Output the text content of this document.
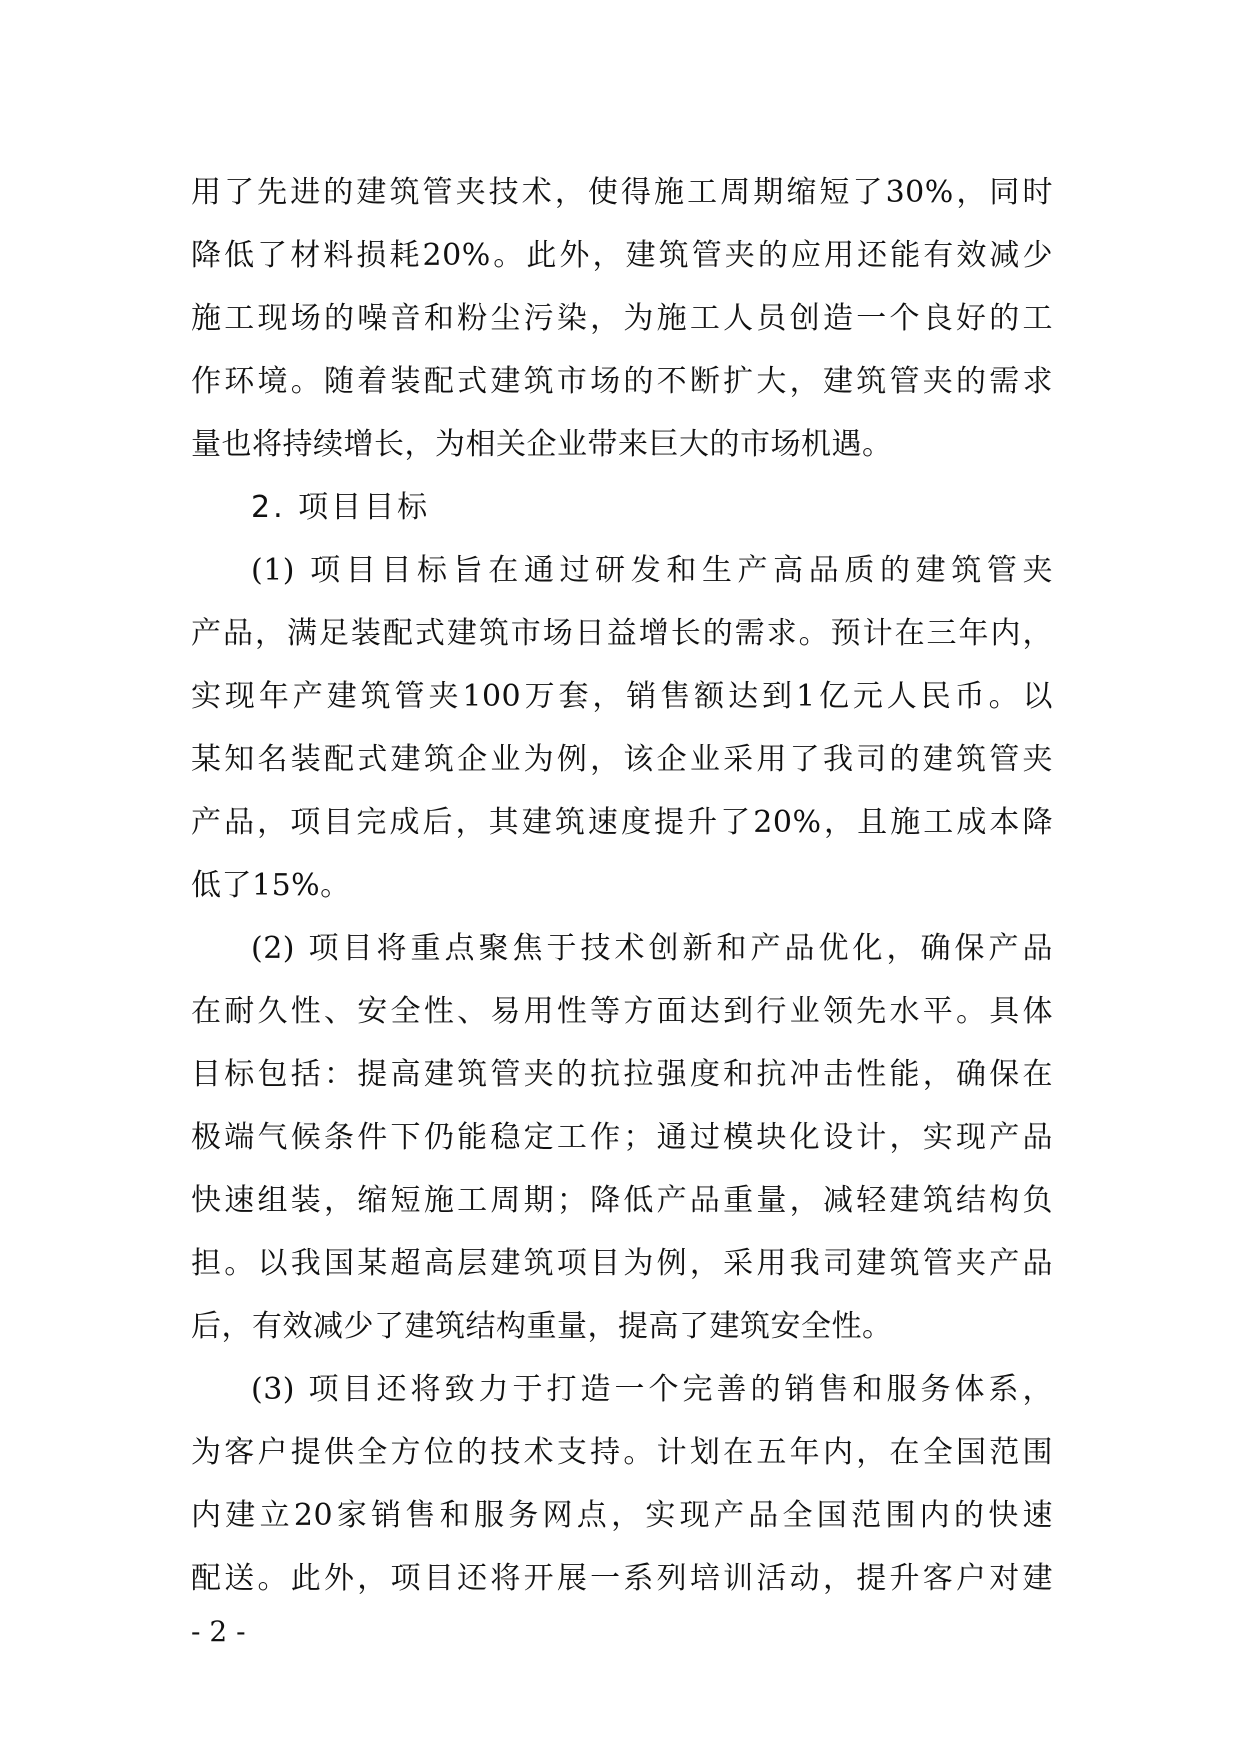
用了先进的建筑管夹技术，使得施工周期缩短了30%，同时
降低了材料损耗20%。此外，建筑管夹的应用还能有效减少
施工现场的噪音和粉尘污染，为施工人员创造一个良好的工
作环境。随着装配式建筑市场的不断扩大，建筑管夹的需求
量也将持续增长，为相关企业带来巨大的市场机遇。
2. 项目目标
(1) 项目目标旨在通过研发和生产高品质的建筑管夹
产品，满足装配式建筑市场日益增长的需求。预计在三年内，
实现年产建筑管夹100万套，销售额达到1亿元人民币。以
某知名装配式建筑企业为例，该企业采用了我司的建筑管夹
产品，项目完成后，其建筑速度提升了20%，且施工成本降
低了15%。
(2) 项目将重点聚焦于技术创新和产品优化，确保产品
在耐久性、安全性、易用性等方面达到行业领先水平。具体
目标包括：提高建筑管夹的抗拉强度和抗冲击性能，确保在
极端气候条件下仍能稳定工作；通过模块化设计，实现产品
快速组装，缩短施工周期；降低产品重量，减轻建筑结构负
担。以我国某超高层建筑项目为例，采用我司建筑管夹产品
后，有效减少了建筑结构重量，提高了建筑安全性。
(3) 项目还将致力于打造一个完善的销售和服务体系，
为客户提供全方位的技术支持。计划在五年内，在全国范围
内建立20家销售和服务网点，实现产品全国范围内的快速
配送。此外，项目还将开展一系列培训活动，提升客户对建
- 2 -
